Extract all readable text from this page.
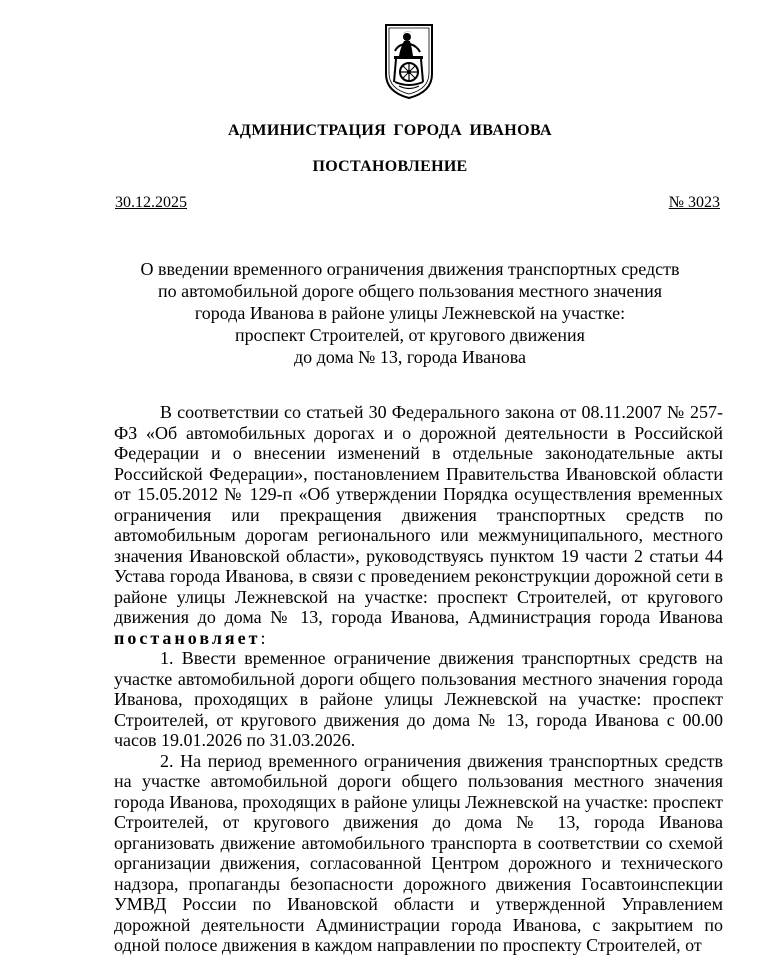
АДМИНИСТРАЦИЯ ГОРОДА ИВАНОВА
ПОСТАНОВЛЕНИЕ
30.12.2025	№ 3023
О введении временного ограничения движения транспортных средств
по автомобильной дороге общего пользования местного значения
города Иванова в районе улицы Лежневской на участке:
проспект Строителей, от кругового движения
до дома № 13, города Иванова

В соответствии со статьей 30 Федерального закона от 08.11.2007 № 257-ФЗ «Об автомобильных дорогах и о дорожной деятельности в Российской Федерации и о внесении изменений в отдельные законодательные акты Российской Федерации», постановлением Правительства Ивановской области от 15.05.2012 № 129-п «Об утверждении Порядка осуществления временных ограничения или прекращения движения транспортных средств по автомобильным дорогам регионального или межмуниципального, местного значения Ивановской области», руководствуясь пунктом 19 части 2 статьи 44 Устава города Иванова, в связи с проведением реконструкции дорожной сети в районе улицы Лежневской на участке: проспект Строителей, от кругового движения до дома № 13, города Иванова, Администрация города Иванова постановляет:

1. Ввести временное ограничение движения транспортных средств на участке автомобильной дороги общего пользования местного значения города Иванова, проходящих в районе улицы Лежневской на участке: проспект Строителей, от кругового движения до дома № 13, города Иванова с 00.00 часов 19.01.2026 по 31.03.2026.

2. На период временного ограничения движения транспортных средств на участке автомобильной дороги общего пользования местного значения города Иванова, проходящих в районе улицы Лежневской на участке: проспект Строителей, от кругового движения до дома № 13, города Иванова организовать движение автомобильного транспорта в соответствии со схемой организации движения, согласованной Центром дорожного и технического надзора, пропаганды безопасности дорожного движения Госавтоинспекции УМВД России по Ивановской области и утвержденной Управлением дорожной деятельности Администрации города Иванова, с закрытием по одной полосе движения в каждом направлении по проспекту Строителей, от
